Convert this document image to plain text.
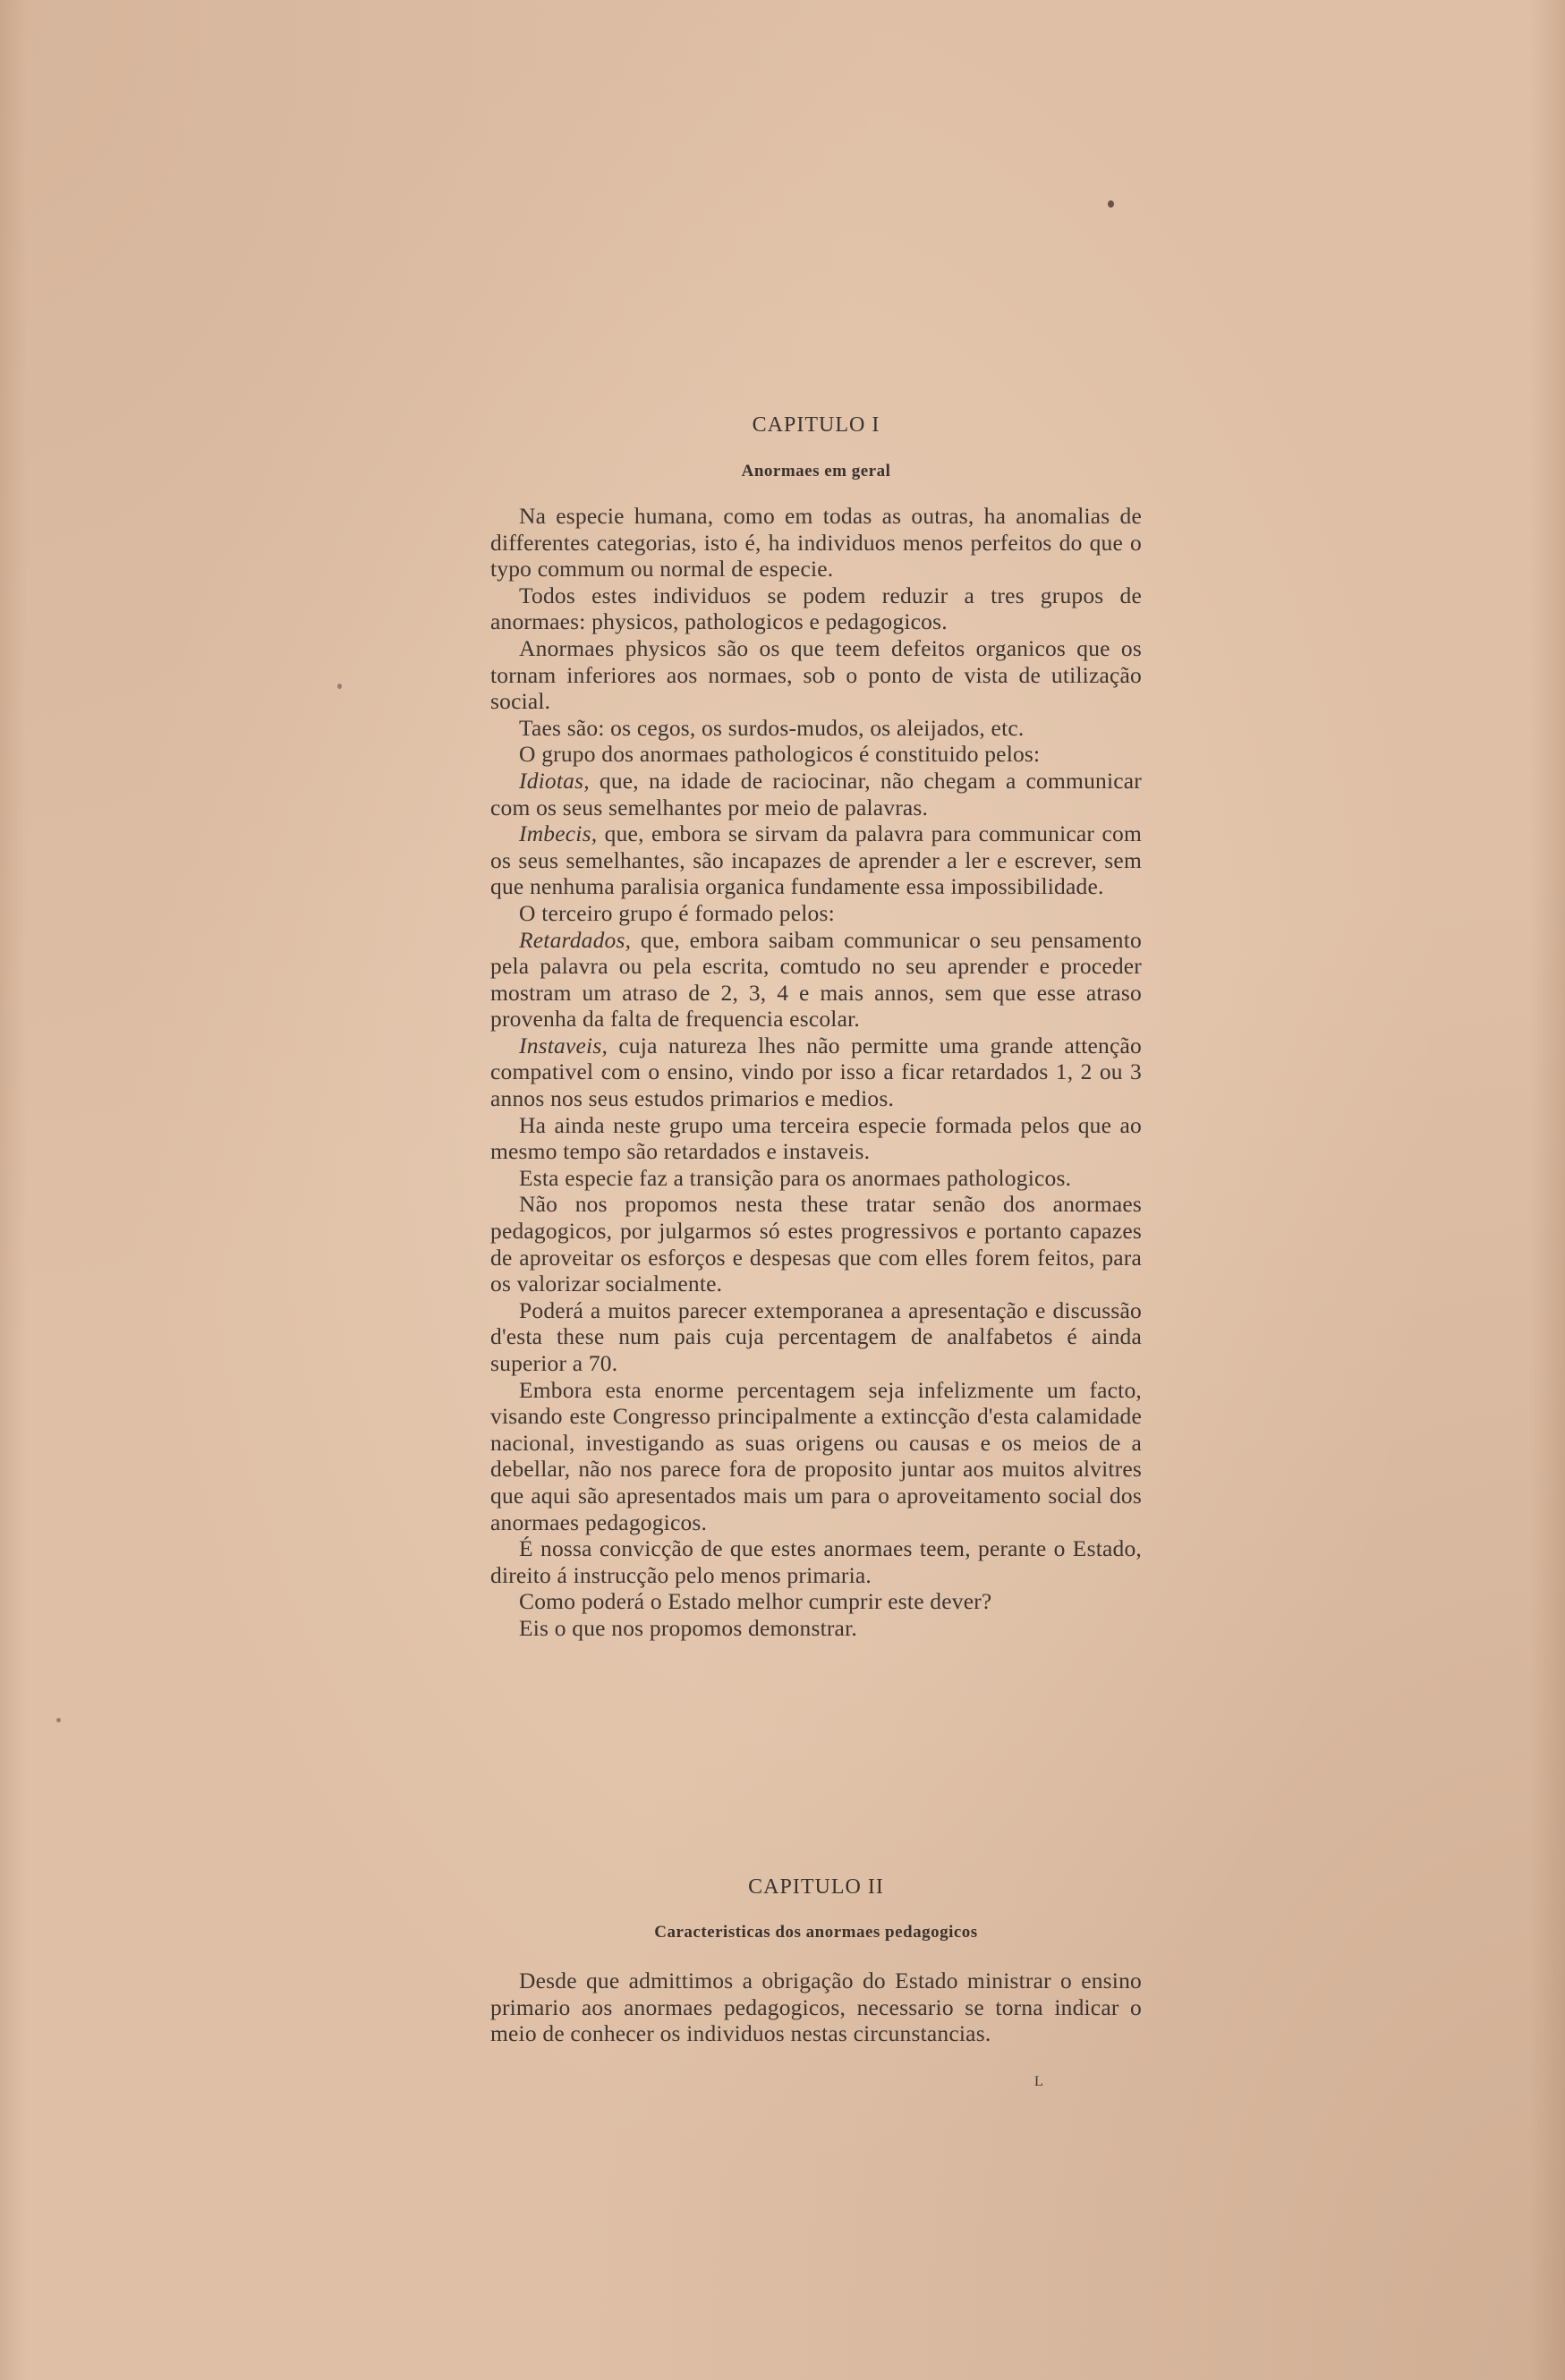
CAPITULO I
Anormaes em geral

Na especie humana, como em todas as outras, ha anomalias de differentes categorias, isto é, ha individuos menos perfeitos do que o typo commum ou normal de especie.

Todos estes individuos se podem reduzir a tres grupos de anormaes: physicos, pathologicos e pedagogicos.

Anormaes physicos são os que teem defeitos organicos que os tornam inferiores aos normaes, sob o ponto de vista de utilização social.

Taes são: os cegos, os surdos-mudos, os aleijados, etc.

O grupo dos anormaes pathologicos é constituido pelos:

Idiotas, que, na idade de raciocinar, não chegam a communicar com os seus semelhantes por meio de palavras.

Imbecis, que, embora se sirvam da palavra para communicar com os seus semelhantes, são incapazes de aprender a ler e escrever, sem que nenhuma paralisia organica fundamente essa impossibilidade.

O terceiro grupo é formado pelos:

Retardados, que, embora saibam communicar o seu pensamento pela palavra ou pela escrita, comtudo no seu aprender e proceder mostram um atraso de 2, 3, 4 e mais annos, sem que esse atraso provenha da falta de frequencia escolar.

Instaveis, cuja natureza lhes não permitte uma grande attenção compativel com o ensino, vindo por isso a ficar retardados 1, 2 ou 3 annos nos seus estudos primarios e medios.

Ha ainda neste grupo uma terceira especie formada pelos que ao mesmo tempo são retardados e instaveis.

Esta especie faz a transição para os anormaes pathologicos.

Não nos propomos nesta these tratar senão dos anormaes pedagogicos, por julgarmos só estes progressivos e portanto capazes de aproveitar os esforços e despesas que com elles forem feitos, para os valorizar socialmente.

Poderá a muitos parecer extemporanea a apresentação e discussão d'esta these num pais cuja percentagem de analfabetos é ainda superior a 70.

Embora esta enorme percentagem seja infelizmente um facto, visando este Congresso principalmente a extincção d'esta calamidade nacional, investigando as suas origens ou causas e os meios de a debellar, não nos parece fora de proposito juntar aos muitos alvitres que aqui são apresentados mais um para o aproveitamento social dos anormaes pedagogicos.

É nossa convicção de que estes anormaes teem, perante o Estado, direito á instrucção pelo menos primaria.

Como poderá o Estado melhor cumprir este dever?

Eis o que nos propomos demonstrar.

CAPITULO II
Caracteristicas dos anormaes pedagogicos

Desde que admittimos a obrigação do Estado ministrar o ensino primario aos anormaes pedagogicos, necessario se torna indicar o meio de conhecer os individuos nestas circunstancias.

L
